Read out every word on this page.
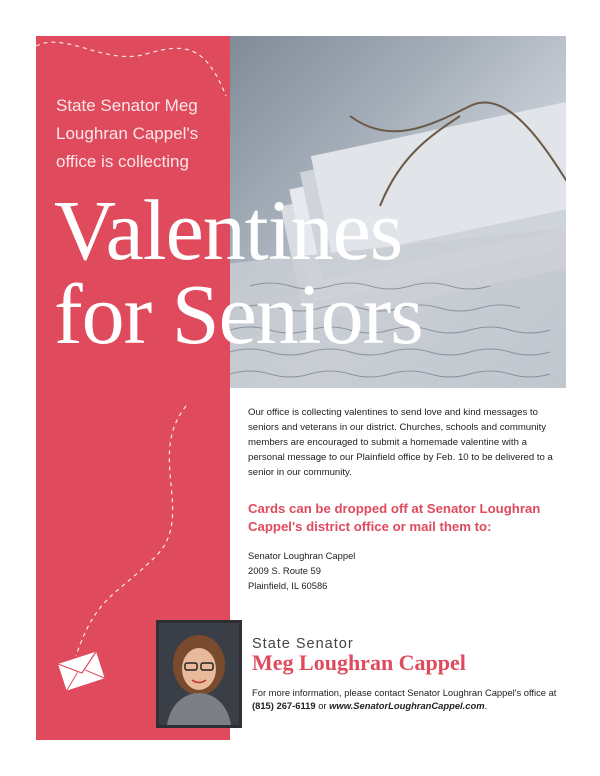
State Senator Meg Loughran Cappel's office is collecting
Valentines
for Seniors
Our office is collecting valentines to send love and kind messages to seniors and veterans in our district. Churches, schools and community members are encouraged to submit a homemade valentine with a personal message to our Plainfield office by Feb. 10 to be delivered to a senior in our community.
Cards can be dropped off at Senator Loughran Cappel's district office or mail them to:
Senator Loughran Cappel
2009 S. Route 59
Plainfield, IL 60586
State Senator
Meg Loughran Cappel
For more information, please contact Senator Loughran Cappel's office at (815) 267-6119 or www.SenatorLoughranCappel.com.
